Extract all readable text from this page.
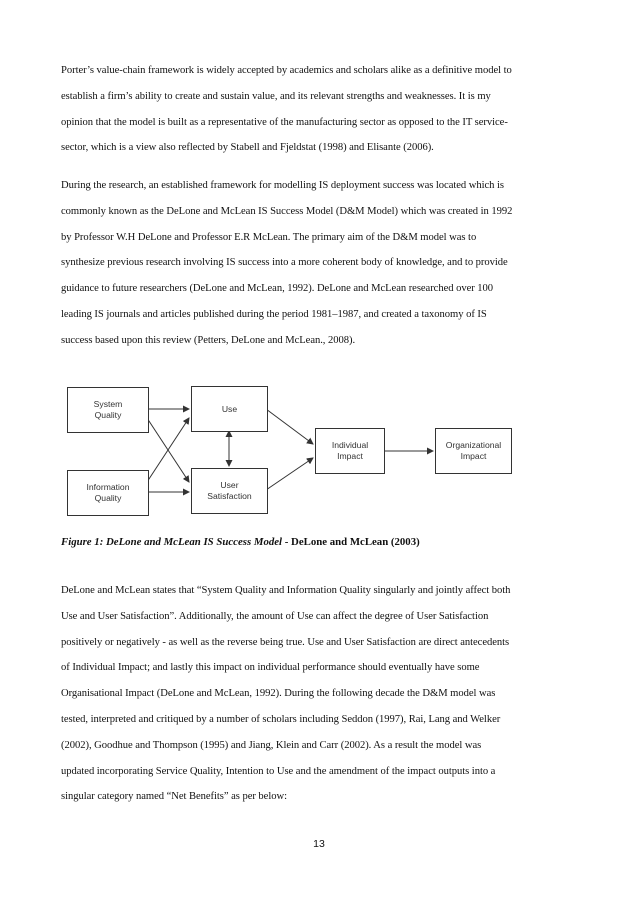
Porter’s value-chain framework is widely accepted by academics and scholars alike as a definitive model to
establish a firm’s ability to create and sustain value, and its relevant strengths and weaknesses. It is my
opinion that the model is built as a representative of the manufacturing sector as opposed to the IT service-
sector, which is a view also reflected by Stabell and Fjeldstat (1998) and Elisante (2006).
During the research, an established framework for modelling IS deployment success was located which is
commonly known as the DeLone and McLean IS Success Model (D&M Model) which was created in 1992
by Professor W.H DeLone and Professor E.R McLean. The primary aim of the D&M model was to
synthesize previous research involving IS success into a more coherent body of knowledge, and to provide
guidance to future researchers (DeLone and McLean, 1992). DeLone and McLean researched over 100
leading IS journals and articles published during the period 1981–1987, and created a taxonomy of IS
success based upon this review (Petters, DeLone and McLean., 2008).
System
Quality
Information
Quality
Use
User
Satisfaction
Individual
Impact
Organizational
Impact
Figure 1: DeLone and McLean IS Success Model - DeLone and McLean (2003)
DeLone and McLean states that “System Quality and Information Quality singularly and jointly affect both
Use and User Satisfaction”. Additionally, the amount of Use can affect the degree of User Satisfaction
positively or negatively - as well as the reverse being true. Use and User Satisfaction are direct antecedents
of Individual Impact; and lastly this impact on individual performance should eventually have some
Organisational Impact (DeLone and McLean, 1992). During the following decade the D&M model was
tested, interpreted and critiqued by a number of scholars including Seddon (1997), Rai, Lang and Welker
(2002), Goodhue and Thompson (1995) and Jiang, Klein and Carr (2002). As a result the model was
updated incorporating Service Quality, Intention to Use and the amendment of the impact outputs into a
singular category named “Net Benefits” as per below:
13
